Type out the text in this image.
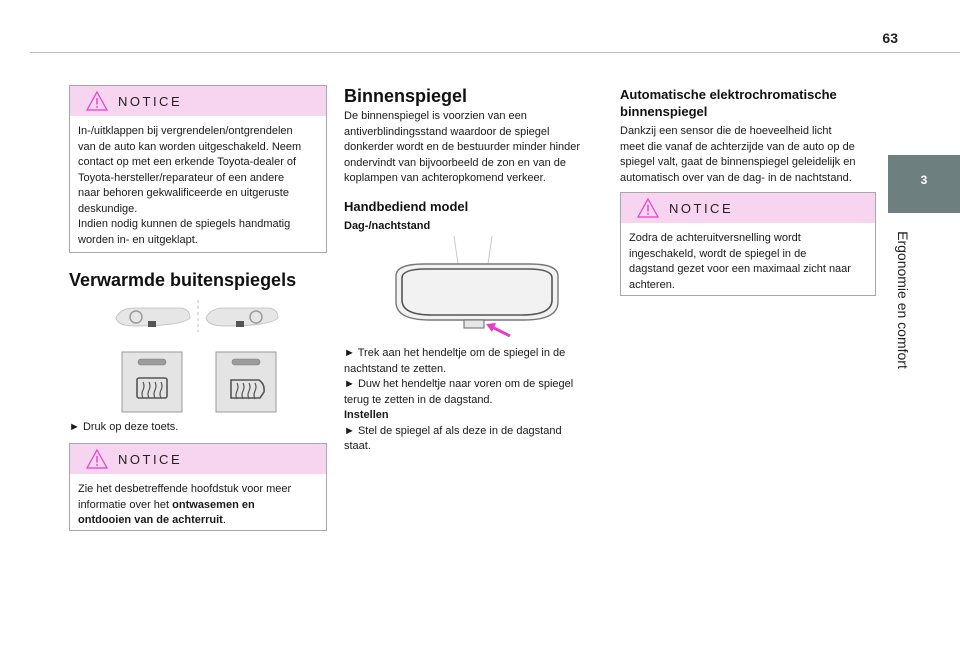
63
3
Ergonomie en comfort
NOTICE
In-/uitklappen bij vergrendelen/ontgrendelen
van de auto kan worden uitgeschakeld. Neem
contact op met een erkende Toyota-dealer of
Toyota-hersteller/reparateur of een andere
naar behoren gekwalificeerde en uitgeruste
deskundige.
Indien nodig kunnen de spiegels handmatig
worden in- en uitgeklapt.
Verwarmde buitenspiegels

► Druk op deze toets.

NOTICE
Zie het desbetreffende hoofdstuk voor meer
informatie over het ontwasemen en
ontdooien van de achterruit.
Binnenspiegel

De binnenspiegel is voorzien van een

antiverblindingsstand waardoor de spiegel

donkerder wordt en de bestuurder minder hinder

ondervindt van bijvoorbeeld de zon en van de

koplampen van achteropkomend verkeer.

Handbediend model
Dag-/nachtstand

► Trek aan het hendeltje om de spiegel in de

nachtstand te zetten.

► Duw het hendeltje naar voren om de spiegel

terug te zetten in de dagstand.

Instellen

► Stel de spiegel af als deze in de dagstand

staat.

Automatische elektrochromatische
binnenspiegel

Dankzij een sensor die de hoeveelheid licht

meet die vanaf de achterzijde van de auto op de

spiegel valt, gaat de binnenspiegel geleidelijk en

automatisch over van de dag- in de nachtstand.

NOTICE
Zodra de achteruitversnelling wordt
ingeschakeld, wordt de spiegel in de
dagstand gezet voor een maximaal zicht naar
achteren.
